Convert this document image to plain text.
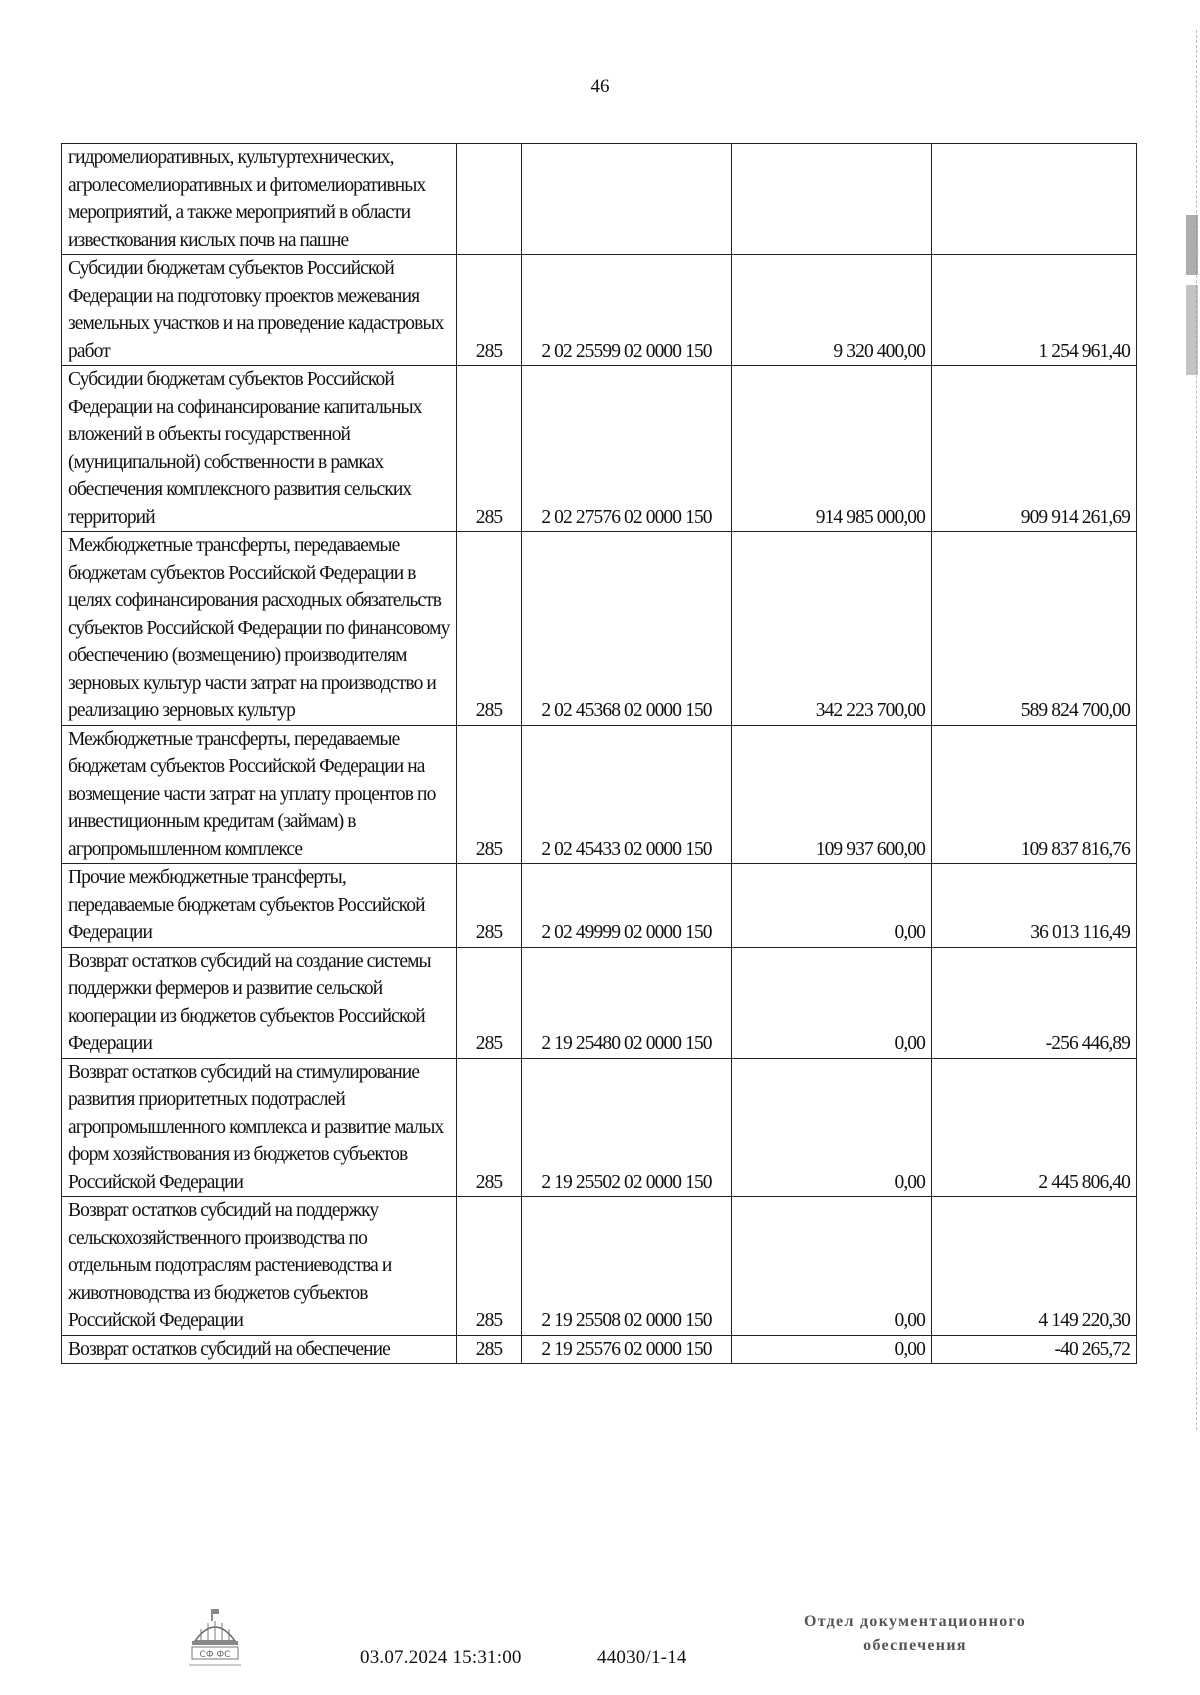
46
гидромелиоративных, культуртехнических, агролесомелиоративных и фитомелиоративных мероприятий, а также мероприятий в области известкования кислых почв на пашне				
Субсидии бюджетам субъектов Российской Федерации на подготовку проектов межевания земельных участков и на проведение кадастровых работ	285	2 02 25599 02 0000 150	9 320 400,00	1 254 961,40
Субсидии бюджетам субъектов Российской Федерации на софинансирование капитальных вложений в объекты государственной (муниципальной) собственности в рамках обеспечения комплексного развития сельских территорий	285	2 02 27576 02 0000 150	914 985 000,00	909 914 261,69
Межбюджетные трансферты, передаваемые бюджетам субъектов Российской Федерации в целях софинансирования расходных обязательств субъектов Российской Федерации по финансовому обеспечению (возмещению) производителям зерновых культур части затрат на производство и реализацию зерновых культур	285	2 02 45368 02 0000 150	342 223 700,00	589 824 700,00
Межбюджетные трансферты, передаваемые бюджетам субъектов Российской Федерации на возмещение части затрат на уплату процентов по инвестиционным кредитам (займам) в агропромышленном комплексе	285	2 02 45433 02 0000 150	109 937 600,00	109 837 816,76
Прочие межбюджетные трансферты, передаваемые бюджетам субъектов Российской Федерации	285	2 02 49999 02 0000 150	0,00	36 013 116,49
Возврат остатков субсидий на создание системы поддержки фермеров и развитие сельской кооперации из бюджетов субъектов Российской Федерации	285	2 19 25480 02 0000 150	0,00	-256 446,89
Возврат остатков субсидий на стимулирование развития приоритетных подотраслей агропромышленного комплекса и развитие малых форм хозяйствования из бюджетов субъектов Российской Федерации	285	2 19 25502 02 0000 150	0,00	2 445 806,40
Возврат остатков субсидий на поддержку сельскохозяйственного производства по отдельным подотраслям растениеводства и животноводства из бюджетов субъектов Российской Федерации	285	2 19 25508 02 0000 150	0,00	4 149 220,30
Возврат остатков субсидий на обеспечение	285	2 19 25576 02 0000 150	0,00	-40 265,72
СФ ФС	03.07.2024 15:31:00	44030/1-14
Отдел документационного
обеспечения
